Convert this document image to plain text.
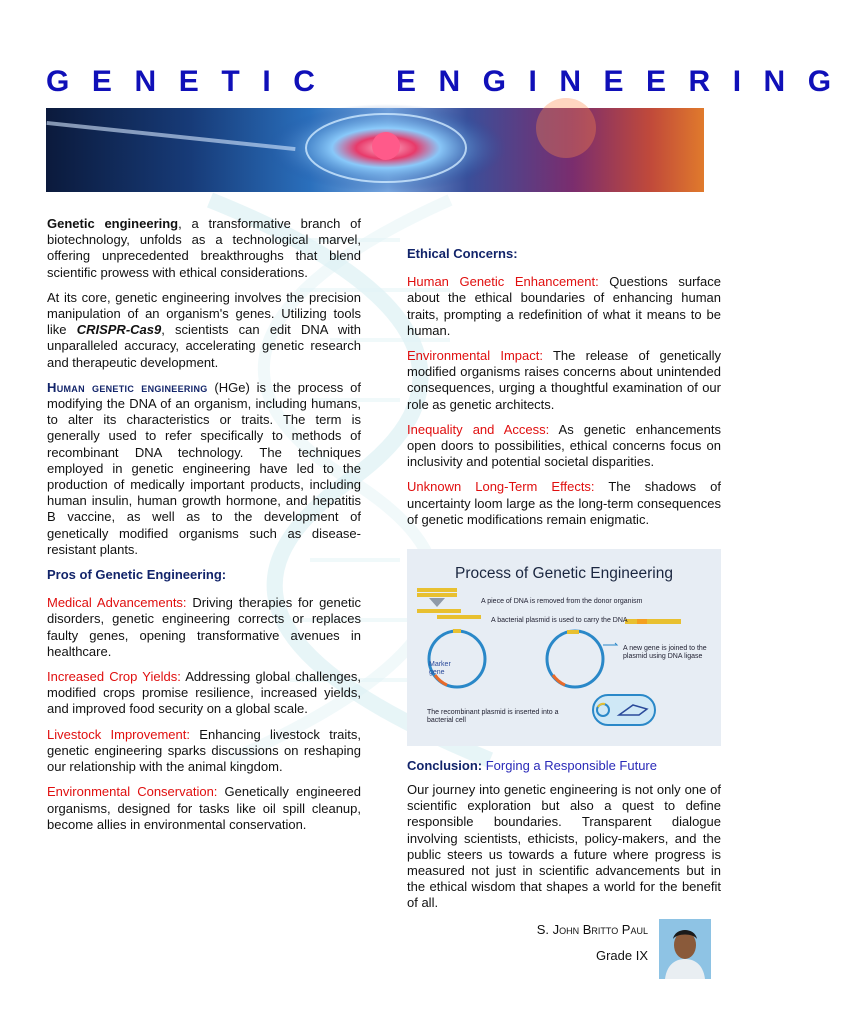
GENETIC ENGINEERING

Genetic engineering, a transformative branch of biotechnology, unfolds as a technological marvel, offering unprecedented breakthroughs that blend scientific prowess with ethical considerations.

At its core, genetic engineering involves the precision manipulation of an organism's genes. Utilizing tools like CRISPR-Cas9, scientists can edit DNA with unparalleled accuracy, accelerating genetic research and therapeutic development.

Human genetic engineering (HGe) is the process of modifying the DNA of an organism, including humans, to alter its characteristics or traits. The term is generally used to refer specifically to methods of recombinant DNA technology. The techniques employed in genetic engineering have led to the production of medically important products, including human insulin, human growth hormone, and hepatitis B vaccine, as well as to the development of genetically modified organisms such as disease-resistant plants.

Pros of Genetic Engineering:

Medical Advancements: Driving therapies for genetic disorders, genetic engineering corrects or replaces faulty genes, opening transformative avenues in healthcare.

Increased Crop Yields: Addressing global challenges, modified crops promise resilience, increased yields, and improved food security on a global scale.

Livestock Improvement: Enhancing livestock traits, genetic engineering sparks discussions on reshaping our relationship with the animal kingdom.

Environmental Conservation: Genetically engineered organisms, designed for tasks like oil spill cleanup, become allies in environmental conservation.

Ethical Concerns:

Human Genetic Enhancement: Questions surface about the ethical boundaries of enhancing human traits, prompting a redefinition of what it means to be human.

Environmental Impact: The release of genetically modified organisms raises concerns about unintended consequences, urging a thoughtful examination of our role as genetic architects.

Inequality and Access: As genetic enhancements open doors to possibilities, ethical concerns focus on inclusivity and potential societal disparities.

Unknown Long-Term Effects: The shadows of uncertainty loom large as the long-term consequences of genetic modifications remain enigmatic.

Process of Genetic Engineering
A piece of DNA is removed from the donor organism
A bacterial plasmid is used to carry the DNA
Marker gene
A new gene is joined to the plasmid using DNA ligase
The recombinant plasmid is inserted into a bacterial cell
Conclusion: Forging a Responsible Future
Our journey into genetic engineering is not only one of scientific exploration but also a quest to define responsible boundaries. Transparent dialogue involving scientists, ethicists, policy-makers, and the public steers us towards a future where progress is measured not just in scientific advancements but in the ethical wisdom that shapes a world for the benefit of all.
S. John Britto Paul
Grade IX
